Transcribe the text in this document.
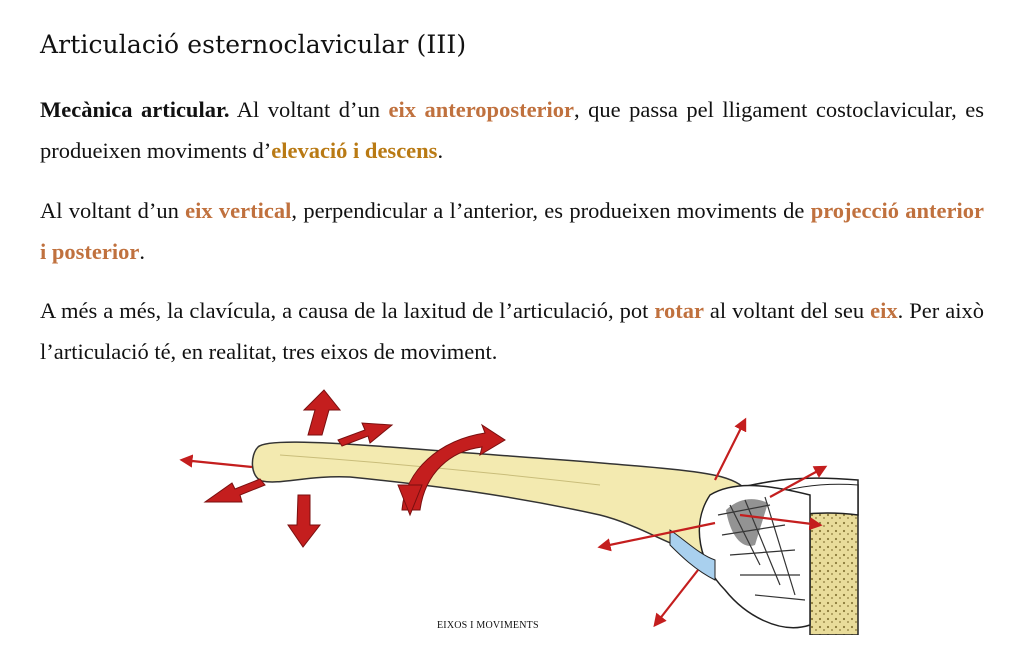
Articulació esternoclavicular (III)

Mecànica articular. Al voltant d’un eix anteroposterior, que passa pel lligament costoclavicular, es produeixen moviments d’elevació i descens.

Al voltant d’un eix vertical, perpendicular a l’anterior, es produeixen moviments de projecció anterior i posterior.

A més a més, la clavícula, a causa de la laxitud de l’articulació, pot rotar al voltant del seu eix. Per això l’articulació té, en realitat, tres eixos de moviment.

EIXOS I MOVIMENTS
